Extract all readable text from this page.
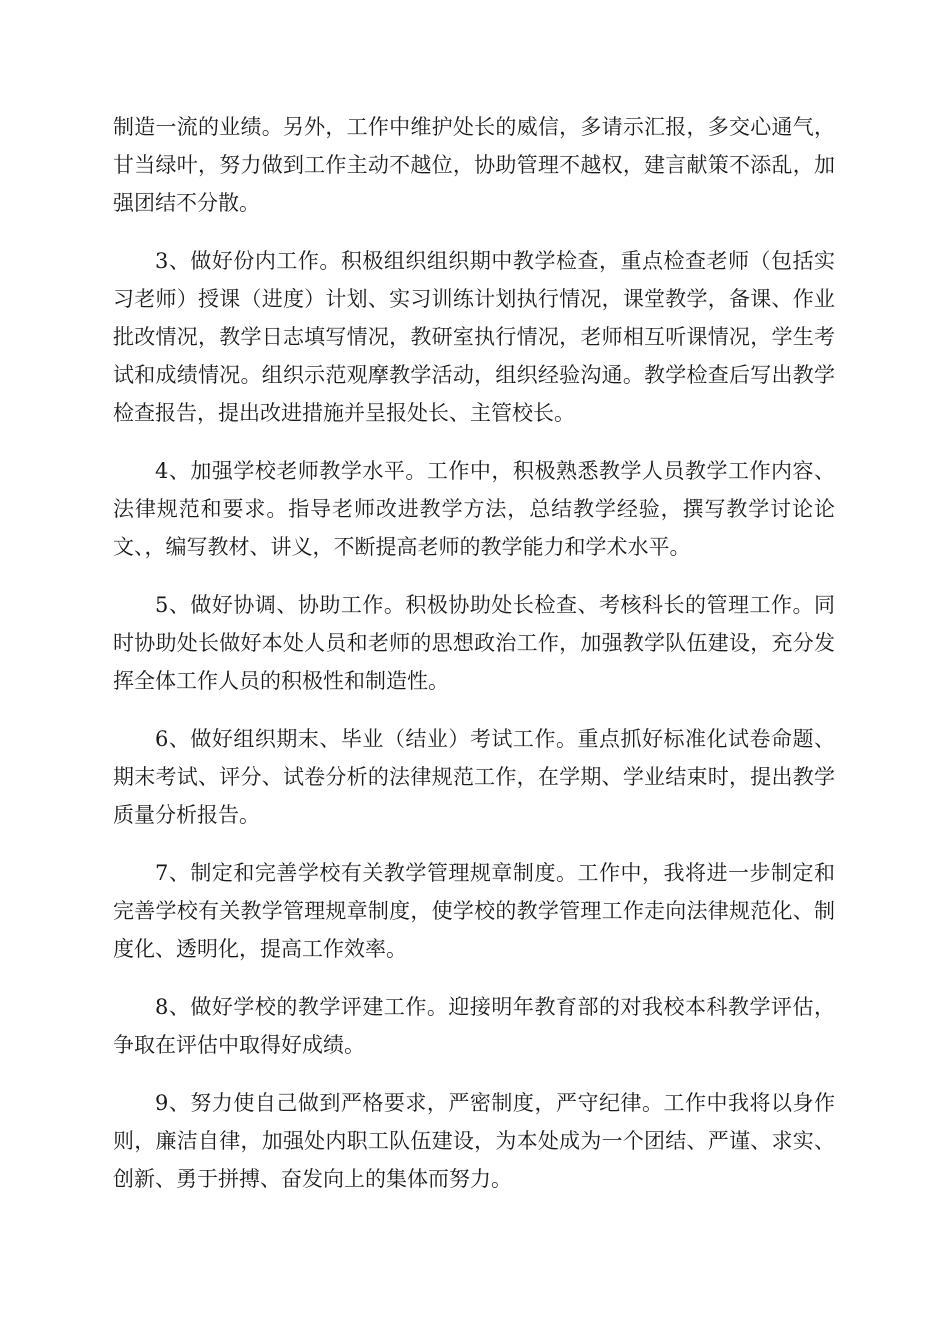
制造一流的业绩。另外，工作中维护处长的威信，多请示汇报，多交心通气，甘当绿叶，努力做到工作主动不越位，协助管理不越权，建言献策不添乱，加强团结不分散。

3、做好份内工作。积极组织组织期中教学检查，重点检查老师（包括实习老师）授课（进度）计划、实习训练计划执行情况，课堂教学，备课、作业批改情况，教学日志填写情况，教研室执行情况，老师相互听课情况，学生考试和成绩情况。组织示范观摩教学活动，组织经验沟通。教学检查后写出教学检查报告，提出改进措施并呈报处长、主管校长。

4、加强学校老师教学水平。工作中，积极熟悉教学人员教学工作内容、法律规范和要求。指导老师改进教学方法，总结教学经验，撰写教学讨论论文、，编写教材、讲义，不断提高老师的教学能力和学术水平。

5、做好协调、协助工作。积极协助处长检查、考核科长的管理工作。同时协助处长做好本处人员和老师的思想政治工作，加强教学队伍建设，充分发挥全体工作人员的积极性和制造性。

6、做好组织期末、毕业（结业）考试工作。重点抓好标准化试卷命题、期末考试、评分、试卷分析的法律规范工作，在学期、学业结束时，提出教学质量分析报告。

7、制定和完善学校有关教学管理规章制度。工作中，我将进一步制定和完善学校有关教学管理规章制度，使学校的教学管理工作走向法律规范化、制度化、透明化，提高工作效率。

8、做好学校的教学评建工作。迎接明年教育部的对我校本科教学评估，争取在评估中取得好成绩。

9、努力使自己做到严格要求，严密制度，严守纪律。工作中我将以身作则，廉洁自律，加强处内职工队伍建设，为本处成为一个团结、严谨、求实、创新、勇于拼搏、奋发向上的集体而努力。
